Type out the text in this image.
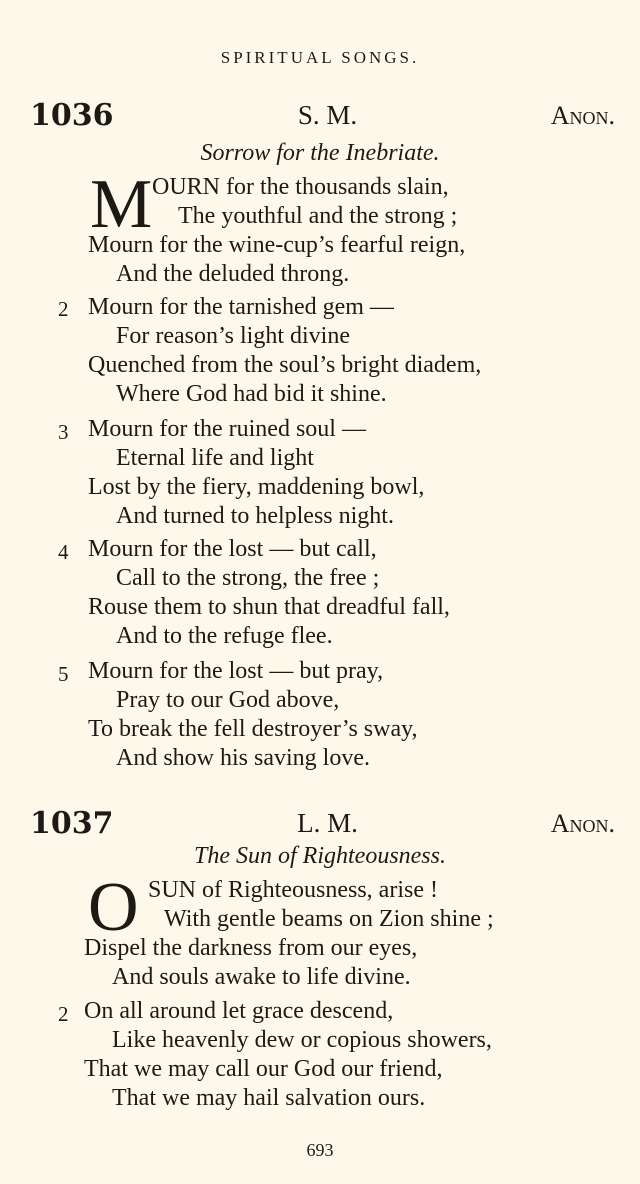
SPIRITUAL SONGS.
1036	S. M.	Anon.
Sorrow for the Inebriate.
M OURN for the thousands slain,
The youthful and the strong ;
Mourn for the wine-cup’s fearful reign,
And the deluded throng.
2 Mourn for the tarnished gem —
For reason’s light divine
Quenched from the soul’s bright diadem,
Where God had bid it shine.
3 Mourn for the ruined soul —
Eternal life and light
Lost by the fiery, maddening bowl,
And turned to helpless night.
4 Mourn for the lost — but call,
Call to the strong, the free ;
Rouse them to shun that dreadful fall,
And to the refuge flee.
5 Mourn for the lost — but pray,
Pray to our God above,
To break the fell destroyer’s sway,
And show his saving love.
1037	L. M.	Anon.
The Sun of Righteousness.
O SUN of Righteousness, arise !
With gentle beams on Zion shine ;
Dispel the darkness from our eyes,
And souls awake to life divine.
2 On all around let grace descend,
Like heavenly dew or copious showers,
That we may call our God our friend,
That we may hail salvation ours.
693
